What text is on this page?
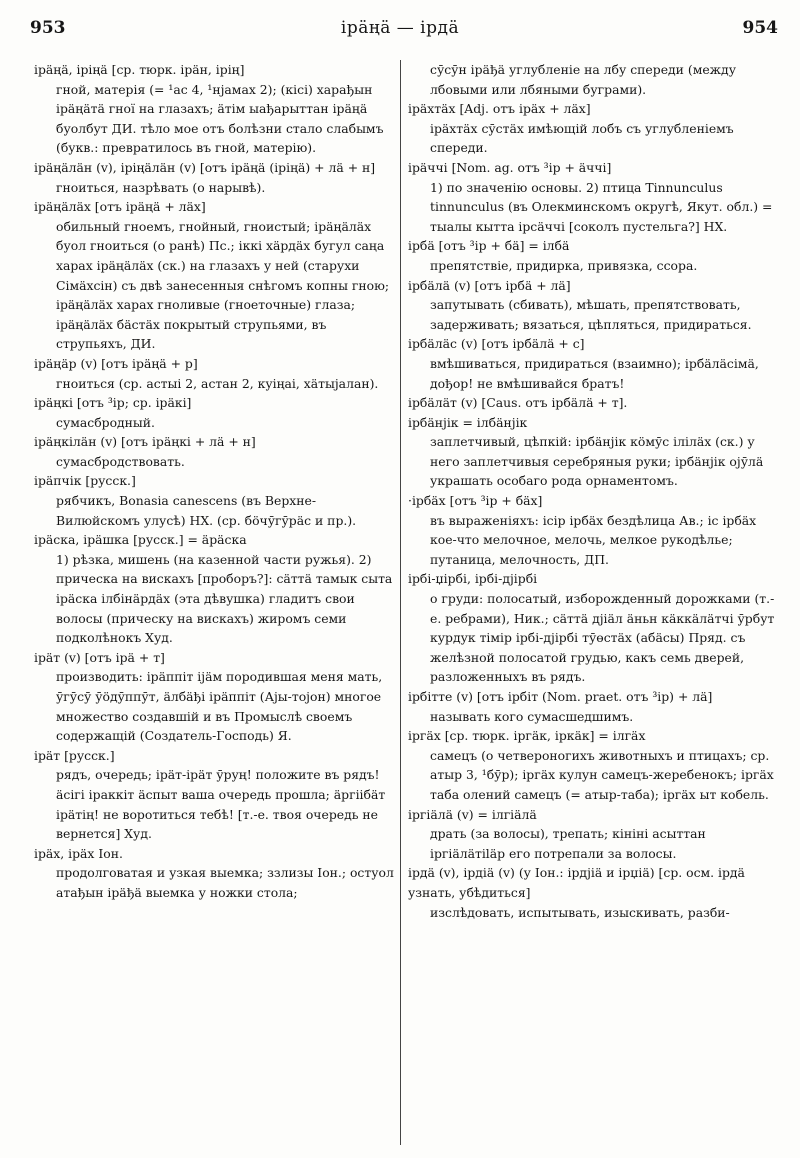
953	ірäңä — ірдä	954
ірäңä, іріңä [ср. тюрк. ірäн, ірің]
гной, матерія (= ¹ас 4, ¹нјамах 2); (кісі) харађын ірäңäтä гної на глазахъ; äтім ыађарыттан ірäңä буолбут ДИ. тѣло мое отъ болѣзни стало слабымъ (букв.: превратилось въ гной, матерію).
ірäңäлäн (v), іріңäлäн (v) [отъ ірäңä (іріңä) + лä + н]
гноиться, назрѣвать (о нарывѣ).
ірäңäлäх [отъ ірäңä + лäх]
обильный гноемъ, гнойный, гноистый; ірäңäлäх буол гноиться (о ранѣ) Пс.; іккі хäрдäх бугул саңа харах ірäңäлäх (ск.) на глазахъ у ней (старухи Сімäхсін) съ двѣ занесенныя снѣгомъ копны гною; ірäңäлäх харах гноливые (гноеточные) глаза; ірäңäлäх бäстäх покрытый струпьями, въ струпьяхъ, ДИ.
ірäңäр (v) [отъ ірäңä + р]
гноиться (ср. астыі 2, астан 2, куіңаі, хäтыјалан).
ірäңкі [отъ ³ір; ср. ірäкі]
сумасбродный.
ірäңкілäн (v) [отъ ірäңкі + лä + н]
сумасбродствовать.
ірäпчік [русск.]
рябчикъ, Bonasia canescens (въ Верхне-Вилюйскомъ улусѣ) НХ. (ср. бöчӯгӯрäс и пр.).
ірäска, ірäшка [русск.] = äрäска
1) рѣзка, мишень (на казенной части ружья). 2) прическа на вискахъ [проборъ?]: сäттä тамык сыта ірäска ілбінäрдäх (эта дѣвушка) гладитъ свои волосы (прическу на вискахъ) жиромъ семи подколѣнокъ Худ.
ірäт (v) [отъ ірä + т]
производить: ірäппіт іјäм породившая меня мать, ӯгӯсӯ ӯöдӯппӯт, äлбäђі ірäппіт (Ајы-тојон) многое множество создавшій и въ Промыслѣ своемъ содержащій (Создатель-Господь) Я.
ірäт [русск.]
рядъ, очередь; ірäт-ірäт ӯруң! положите въ рядъ! äсігі іраккіт äспыт ваша очередь прошла; äргіібäт ірäтің! не воротиться тебѣ! [т.-е. твоя очередь не вернется] Худ.
ірäх, ірäх Іон.
продолговатая и узкая выемка; ззлизы Іон.; остуол атађын ірäђä выемка у ножки стола;
сӯсӯн ірäђä углубленіе на лбу спереди (между лбовыми или лбяными буграми).
ірäхтäх [Adj. отъ ірäх + лäх]
ірäхтäх сӯстäх имѣющій лобъ съ углубленіемъ спереди.
ірäччі [Nom. ag. отъ ³ір + äччі]
1) по значенію основы. 2) птица Tinnunculus tinnunculus (въ Олекминскомъ округѣ, Якут. обл.) = тыалы кытта ірсäччі [соколъ пустельга?] НХ.
ірбä [отъ ³ір + бä] = ілбä
препятствіе, придирка, привязка, ссора.
ірбäлä (v) [отъ ірбä + лä]
запутывать (сбивать), мѣшать, препятствовать, задерживать; вязаться, цѣпляться, придираться.
ірбäлäс (v) [отъ ірбäлä + с]
вмѣшиваться, придираться (взаимно); ірбäлäсімä, дођор! не вмѣшивайся братъ!
ірбäлäт (v) [Caus. отъ ірбäлä + т].
ірбäнјік = ілбäнјік
заплетчивый, цѣпкій: ірбäнјік кöмӯс ілілäх (ск.) у него заплетчивыя серебряныя руки; ірбäнјік ојӯлä украшать особаго рода орнаментомъ.
·ірбäх [отъ ³ір + бäх]
въ выраженіяхъ: ісір ірбäх бездѣлица Ав.; іс ірбäх кое-что мелочное, мелочь, мелкое рукодѣлье; путаница, мелочность, ДП.
ірбі-џірбі, ірбі-дјірбі
о груди: полосатый, изборожденный дорожками (т.-е. ребрами), Ник.; сäттä дјіäл äньн кäккäлäтчі ӯрбут курдук тімір ірбі-дјірбі тӯөстäх (абäсы) Пряд. съ желѣзной полосатой грудью, какъ семь дверей, разложенныхъ въ рядъ.
ірбітте (v) [отъ ірбіт (Nom. praet. отъ ³ір) + лä]
называть кого сумасшедшимъ.
іргäх [ср. тюрк. іргäк, іркäк] = ілгäх
самецъ (о четвероногихъ животныхъ и птицахъ; ср. атыр 3, ¹бӯр); іргäх кулун самецъ-жеребенокъ; іргäх таба олений самецъ (= атыр-таба); іргäх ыт кобель.
іргіäлä (v) = ілгіäлä
драть (за волосы), трепать; кініні асыттан іргіäлäтіläр его потрепали за волосы.
ірдä (v), ірдіä (v) (у Іон.: ірдјіä и ірџіä) [ср. осм. ірдä узнать, убѣдиться]
изслѣдовать, испытывать, изыскивать, разби-
